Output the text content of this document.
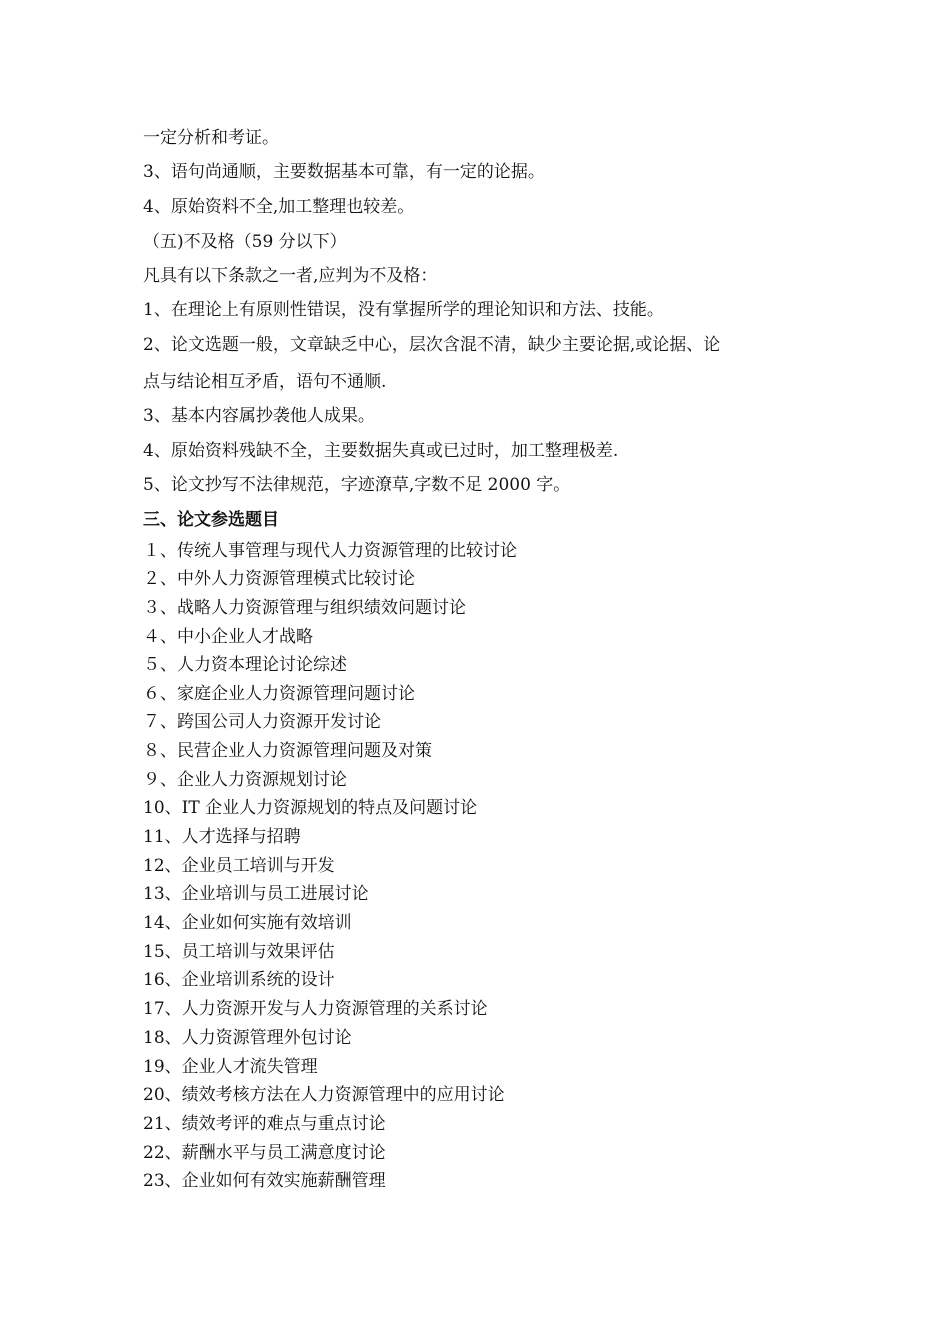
一定分析和考证。
3、语句尚通顺，主要数据基本可靠，有一定的论据。
4、原始资料不全,加工整理也较差。
（五)不及格（59 分以下）
凡具有以下条款之一者,应判为不及格：
1、在理论上有原则性错误，没有掌握所学的理论知识和方法、技能。
2、论文选题一般，文章缺乏中心，层次含混不清，缺少主要论据,或论据、论
点与结论相互矛盾，语句不通顺.
3、基本内容属抄袭他人成果。
4、原始资料残缺不全，主要数据失真或已过时，加工整理极差.
5、论文抄写不法律规范，字迹潦草,字数不足 2000 字。
三、论文参选题目
１、传统人事管理与现代人力资源管理的比较讨论
２、中外人力资源管理模式比较讨论
３、战略人力资源管理与组织绩效问题讨论
４、中小企业人才战略
５、人力资本理论讨论综述
６、家庭企业人力资源管理问题讨论
７、跨国公司人力资源开发讨论
８、民营企业人力资源管理问题及对策
９、企业人力资源规划讨论
10、IT 企业人力资源规划的特点及问题讨论
11、人才选择与招聘
12、企业员工培训与开发
13、企业培训与员工进展讨论
14、企业如何实施有效培训
15、员工培训与效果评估
16、企业培训系统的设计
17、人力资源开发与人力资源管理的关系讨论
18、人力资源管理外包讨论
19、企业人才流失管理
20、绩效考核方法在人力资源管理中的应用讨论
21、绩效考评的难点与重点讨论
22、薪酬水平与员工满意度讨论
23、企业如何有效实施薪酬管理
